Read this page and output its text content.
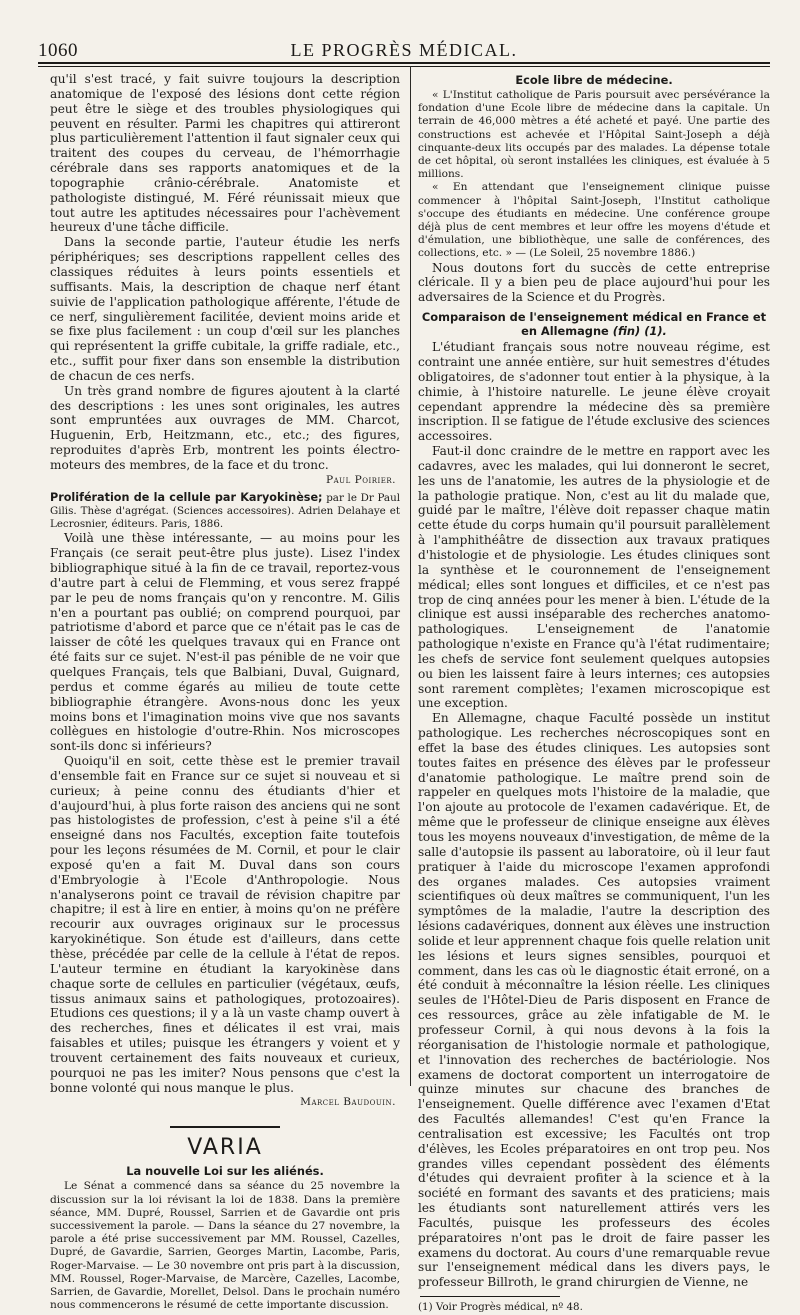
1060	LE PROGRÈS MÉDICAL.

qu'il s'est tracé, y fait suivre toujours la description anatomique de l'exposé des lésions dont cette région peut être le siège et des troubles physiologiques qui peuvent en résulter. Parmi les chapitres qui attireront plus particulièrement l'attention il faut signaler ceux qui traitent des coupes du cerveau, de l'hémorrhagie cérébrale dans ses rapports anatomiques et de la topographie crânio-cérébrale. Anatomiste et pathologiste distingué, M. Féré réunissait mieux que tout autre les aptitudes nécessaires pour l'achèvement heureux d'une tâche difficile.

Dans la seconde partie, l'auteur étudie les nerfs périphériques; ses descriptions rappellent celles des classiques réduites à leurs points essentiels et suffisants. Mais, la description de chaque nerf étant suivie de l'application pathologique afférente, l'étude de ce nerf, singulièrement facilitée, devient moins aride et se fixe plus facilement : un coup d'œil sur les planches qui représentent la griffe cubitale, la griffe radiale, etc., etc., suffit pour fixer dans son ensemble la distribution de chacun de ces nerfs.

Un très grand nombre de figures ajoutent à la clarté des descriptions : les unes sont originales, les autres sont empruntées aux ouvrages de MM. Charcot, Huguenin, Erb, Heitzmann, etc., etc.; des figures, reproduites d'après Erb, montrent les points électro-moteurs des membres, de la face et du tronc.

Paul Poirier.

Prolifération de la cellule par Karyokinèse; par le Dr Paul Gilis. Thèse d'agrégat. (Sciences accessoires). Adrien Delahaye et Lecrosnier, éditeurs. Paris, 1886.

Voilà une thèse intéressante, — au moins pour les Français (ce serait peut-être plus juste). Lisez l'index bibliographique situé à la fin de ce travail, reportez-vous d'autre part à celui de Flemming, et vous serez frappé par le peu de noms français qu'on y rencontre. M. Gilis n'en a pourtant pas oublié; on comprend pourquoi, par patriotisme d'abord et parce que ce n'était pas le cas de laisser de côté les quelques travaux qui en France ont été faits sur ce sujet. N'est-il pas pénible de ne voir que quelques Français, tels que Balbiani, Duval, Guignard, perdus et comme égarés au milieu de toute cette bibliographie étrangère. Avons-nous donc les yeux moins bons et l'imagination moins vive que nos savants collègues en histologie d'outre-Rhin. Nos microscopes sont-ils donc si inférieurs?

Quoiqu'il en soit, cette thèse est le premier travail d'ensemble fait en France sur ce sujet si nouveau et si curieux; à peine connu des étudiants d'hier et d'aujourd'hui, à plus forte raison des anciens qui ne sont pas histologistes de profession, c'est à peine s'il a été enseigné dans nos Facultés, exception faite toutefois pour les leçons résumées de M. Cornil, et pour le clair exposé qu'en a fait M. Duval dans son cours d'Embryologie à l'Ecole d'Anthropologie. Nous n'analyserons point ce travail de révision chapitre par chapitre; il est à lire en entier, à moins qu'on ne préfère recourir aux ouvrages originaux sur le processus karyokinétique. Son étude est d'ailleurs, dans cette thèse, précédée par celle de la cellule à l'état de repos. L'auteur termine en étudiant la karyokinèse dans chaque sorte de cellules en particulier (végétaux, œufs, tissus animaux sains et pathologiques, protozoaires). Etudions ces questions; il y a là un vaste champ ouvert à des recherches, fines et délicates il est vrai, mais faisables et utiles; puisque les étrangers y voient et y trouvent certainement des faits nouveaux et curieux, pourquoi ne pas les imiter? Nous pensons que c'est la bonne volonté qui nous manque le plus.

Marcel Baudouin.
VARIA
La nouvelle Loi sur les aliénés.

Le Sénat a commencé dans sa séance du 25 novembre la discussion sur la loi révisant la loi de 1838. Dans la première séance, MM. Dupré, Roussel, Sarrien et de Gavardie ont pris successivement la parole. — Dans la séance du 27 novembre, la parole a été prise successivement par MM. Roussel, Cazelles, Dupré, de Gavardie, Sarrien, Georges Martin, Lacombe, Paris, Roger-Marvaise. — Le 30 novembre ont pris part à la discussion, MM. Roussel, Roger-Marvaise, de Marcère, Cazelles, Lacombe, Sarrien, de Gavardie, Morellet, Delsol. Dans le prochain numéro nous commencerons le résumé de cette importante discussion.

Ecole libre de médecine.

« L'Institut catholique de Paris poursuit avec persévérance la fondation d'une Ecole libre de médecine dans la capitale. Un terrain de 46,000 mètres a été acheté et payé. Une partie des constructions est achevée et l'Hôpital Saint-Joseph a déjà cinquante-deux lits occupés par des malades. La dépense totale de cet hôpital, où seront installées les cliniques, est évaluée à 5 millions.

« En attendant que l'enseignement clinique puisse commencer à l'hôpital Saint-Joseph, l'Institut catholique s'occupe des étudiants en médecine. Une conférence groupe déjà plus de cent membres et leur offre les moyens d'étude et d'émulation, une bibliothèque, une salle de conférences, des collections, etc. » — (Le Soleil, 25 novembre 1886.)

Nous doutons fort du succès de cette entreprise cléricale. Il y a bien peu de place aujourd'hui pour les adversaires de la Science et du Progrès.

Comparaison de l'enseignement médical en France et en Allemagne (fin) (1).

L'étudiant français sous notre nouveau régime, est contraint une année entière, sur huit semestres d'études obligatoires, de s'adonner tout entier à la physique, à la chimie, à l'histoire naturelle. Le jeune élève croyait cependant apprendre la médecine dès sa première inscription. Il se fatigue de l'étude exclusive des sciences accessoires.

Faut-il donc craindre de le mettre en rapport avec les cadavres, avec les malades, qui lui donneront le secret, les uns de l'anatomie, les autres de la physiologie et de la pathologie pratique. Non, c'est au lit du malade que, guidé par le maître, l'élève doit repasser chaque matin cette étude du corps humain qu'il poursuit parallèlement à l'amphithéâtre de dissection aux travaux pratiques d'histologie et de physiologie. Les études cliniques sont la synthèse et le couronnement de l'enseignement médical; elles sont longues et difficiles, et ce n'est pas trop de cinq années pour les mener à bien. L'étude de la clinique est aussi inséparable des recherches anatomo-pathologiques. L'enseignement de l'anatomie pathologique n'existe en France qu'à l'état rudimentaire; les chefs de service font seulement quelques autopsies ou bien les laissent faire à leurs internes; ces autopsies sont rarement complètes; l'examen microscopique est une exception.

En Allemagne, chaque Faculté possède un institut pathologique. Les recherches nécroscopiques sont en effet la base des études cliniques. Les autopsies sont toutes faites en présence des élèves par le professeur d'anatomie pathologique. Le maître prend soin de rappeler en quelques mots l'histoire de la maladie, que l'on ajoute au protocole de l'examen cadavérique. Et, de même que le professeur de clinique enseigne aux élèves tous les moyens nouveaux d'investigation, de même de la salle d'autopsie ils passent au laboratoire, où il leur faut pratiquer à l'aide du microscope l'examen approfondi des organes malades. Ces autopsies vraiment scientifiques où deux maîtres se communiquent, l'un les symptômes de la maladie, l'autre la description des lésions cadavériques, donnent aux élèves une instruction solide et leur apprennent chaque fois quelle relation unit les lésions et leurs signes sensibles, pourquoi et comment, dans les cas où le diagnostic était erroné, on a été conduit à méconnaître la lésion réelle. Les cliniques seules de l'Hôtel-Dieu de Paris disposent en France de ces ressources, grâce au zèle infatigable de M. le professeur Cornil, à qui nous devons à la fois la réorganisation de l'histologie normale et pathologique, et l'innovation des recherches de bactériologie. Nos examens de doctorat comportent un interrogatoire de quinze minutes sur chacune des branches de l'enseignement. Quelle différence avec l'examen d'Etat des Facultés allemandes! C'est qu'en France la centralisation est excessive; les Facultés ont trop d'élèves, les Ecoles préparatoires en ont trop peu. Nos grandes villes cependant possèdent des éléments d'études qui devraient profiter à la science et à la société en formant des savants et des praticiens; mais les étudiants sont naturellement attirés vers les Facultés, puisque les professeurs des écoles préparatoires n'ont pas le droit de faire passer les examens du doctorat. Au cours d'une remarquable revue sur l'enseignement médical dans les divers pays, le professeur Billroth, le grand chirurgien de Vienne, ne

(1) Voir Progrès médical, nº 48.
